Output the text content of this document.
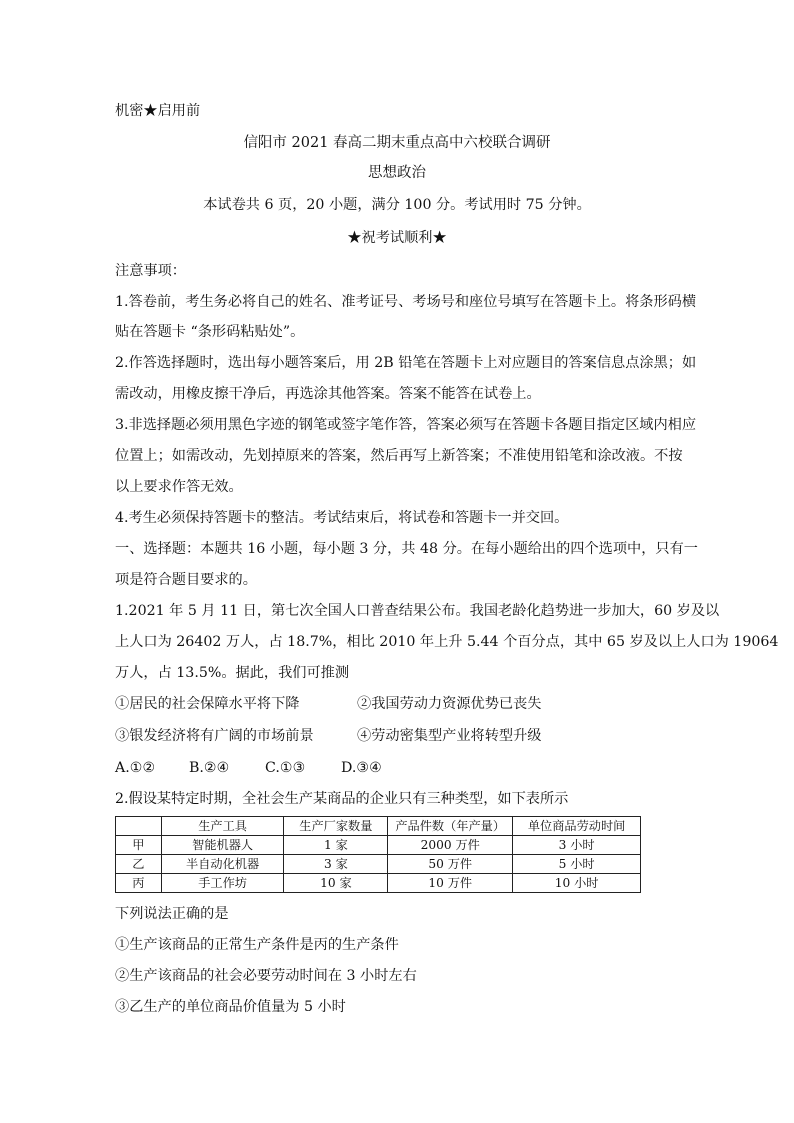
机密★启用前
信阳市 2021 春高二期末重点高中六校联合调研
思想政治
本试卷共 6 页，20 小题，满分 100 分。考试用时 75 分钟。
★祝考试顺利★
注意事项：
1.答卷前，考生务必将自己的姓名、准考证号、考场号和座位号填写在答题卡上。将条形码横
贴在答题卡 “条形码粘贴处”。
2.作答选择题时，选出每小题答案后，用 2B 铅笔在答题卡上对应题目的答案信息点涂黑；如
需改动，用橡皮擦干净后，再选涂其他答案。答案不能答在试卷上。
3.非选择题必须用黑色字迹的钢笔或签字笔作答，答案必须写在答题卡各题目指定区域内相应
位置上；如需改动，先划掉原来的答案，然后再写上新答案；不准使用铅笔和涂改液。不按
以上要求作答无效。
4.考生必须保持答题卡的整洁。考试结束后，将试卷和答题卡一并交回。
一、选择题：本题共 16 小题，每小题 3 分，共 48 分。在每小题给出的四个选项中，只有一
项是符合题目要求的。
1.2021 年 5 月 11 日，第七次全国人口普查结果公布。我国老龄化趋势进一步加大，60 岁及以
上人口为 26402 万人，占 18.7%，相比 2010 年上升 5.44 个百分点，其中 65 岁及以上人口为 19064
万人，占 13.5%。据此，我们可推测
①居民的社会保障水平将下降	②我国劳动力资源优势已丧失
③银发经济将有广阔的市场前景	④劳动密集型产业将转型升级
A.①② B.②④	C.①③	D.③④
2.假设某特定时期，全社会生产某商品的企业只有三种类型，如下表所示
	生产工具	生产厂家数量	产品件数（年产量）	单位商品劳动时间
甲	智能机器人	1 家	2000 万件	3 小时
乙	半自动化机器	3 家	50 万件	5 小时
丙	手工作坊	10 家	10 万件	10 小时
下列说法正确的是
①生产该商品的正常生产条件是丙的生产条件
②生产该商品的社会必要劳动时间在 3 小时左右
③乙生产的单位商品价值量为 5 小时
